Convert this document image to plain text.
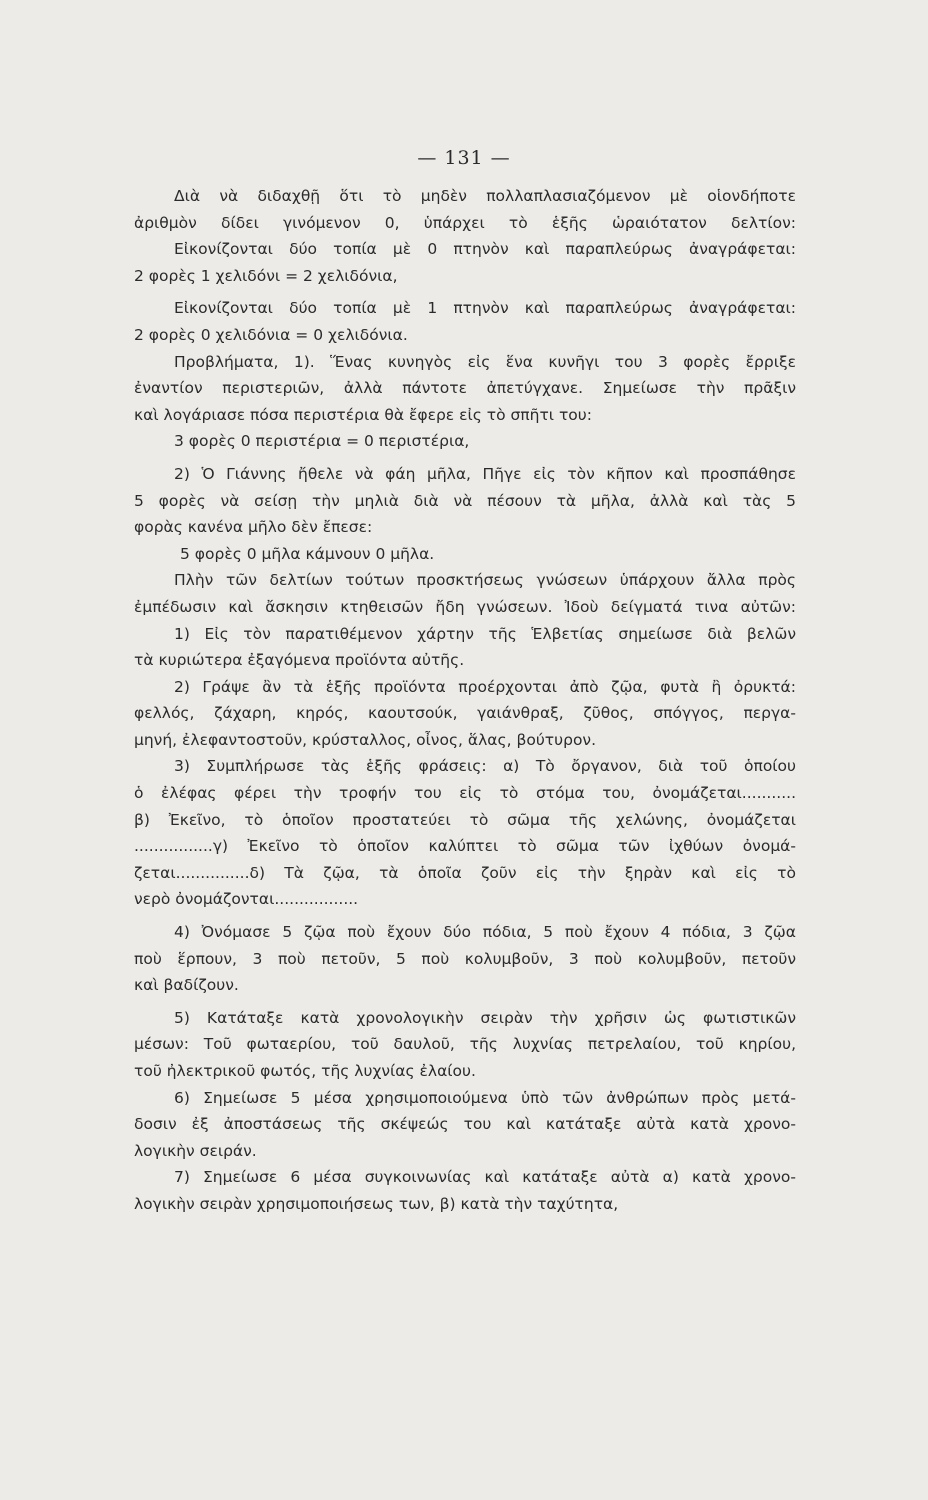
— 131 —
Διὰ νὰ διδαχθῇ ὅτι τὸ μηδὲν πολλαπλασιαζόμενον μὲ οἱονδήποτε
ἀριθμὸν δίδει γινόμενον 0, ὑπάρχει τὸ ἑξῆς ὡραιότατον δελτίον:
Εἰκονίζονται δύο τοπία μὲ 0 πτηνὸν καὶ παραπλεύρως ἀναγράφεται:
2 φορὲς 1 χελιδόνι = 2 χελιδόνια,
Εἰκονίζονται δύο τοπία μὲ 1 πτηνὸν καὶ παραπλεύρως ἀναγράφεται:
2 φορὲς 0 χελιδόνια = 0 χελιδόνια.
Προβλήματα, 1). Ἕνας κυνηγὸς εἰς ἕνα κυνῆγι του 3 φορὲς ἔρριξε
ἐναντίον περιστεριῶν, ἀλλὰ πάντοτε ἀπετύγχανε. Σημείωσε τὴν πρᾶξιν
καὶ λογάριασε πόσα περιστέρια θὰ ἔφερε εἰς τὸ σπῆτι του:
3 φορὲς 0 περιστέρια = 0 περιστέρια,
2) Ὁ Γιάννης ἤθελε νὰ φάη μῆλα, Πῆγε εἰς τὸν κῆπον καὶ προσπάθησε
5 φορὲς νὰ σείσῃ τὴν μηλιὰ διὰ νὰ πέσουν τὰ μῆλα, ἀλλὰ καὶ τὰς 5
φορὰς κανένα μῆλο δὲν ἔπεσε:
5 φορὲς 0 μῆλα κάμνουν 0 μῆλα.
Πλὴν τῶν δελτίων τούτων προσκτήσεως γνώσεων ὑπάρχουν ἄλλα πρὸς
ἐμπέδωσιν καὶ ἄσκησιν κτηθεισῶν ἤδη γνώσεων. Ἰδοὺ δείγματά τινα αὐτῶν:
1) Εἰς τὸν παρατιθέμενον χάρτην τῆς Ἑλβετίας σημείωσε διὰ βελῶν
τὰ κυριώτερα ἐξαγόμενα προϊόντα αὐτῆς.
2) Γράψε ἂν τὰ ἑξῆς προϊόντα προέρχονται ἀπὸ ζῷα, φυτὰ ἢ ὀρυκτά:
φελλός, ζάχαρη, κηρός, καουτσούκ, γαιάνθραξ, ζῦθος, σπόγγος, περγα-
μηνή, ἐλεφαντοστοῦν, κρύσταλλος, οἶνος, ἅλας, βούτυρον.
3) Συμπλήρωσε τὰς ἑξῆς φράσεις: α) Τὸ ὄργανον, διὰ τοῦ ὁποίου
ὁ ἐλέφας φέρει τὴν τροφήν του εἰς τὸ στόμα του, ὀνομάζεται...........
β) Ἐκεῖνο, τὸ ὁποῖον προστατεύει τὸ σῶμα τῆς χελώνης, ὀνομάζεται
................γ) Ἐκεῖνο τὸ ὁποῖον καλύπτει τὸ σῶμα τῶν ἰχθύων ὀνομά-
ζεται...............δ) Τὰ ζῷα, τὰ ὁποῖα ζοῦν εἰς τὴν ξηρὰν καὶ εἰς τὸ
νερὸ ὀνομάζονται.................
4) Ὀνόμασε 5 ζῷα ποὺ ἔχουν δύο πόδια, 5 ποὺ ἔχουν 4 πόδια, 3 ζῷα
ποὺ ἕρπουν, 3 ποὺ πετοῦν, 5 ποὺ κολυμβοῦν, 3 ποὺ κολυμβοῦν, πετοῦν
καὶ βαδίζουν.
5) Κατάταξε κατὰ χρονολογικὴν σειρὰν τὴν χρῆσιν ὡς φωτιστικῶν
μέσων: Τοῦ φωταερίου, τοῦ δαυλοῦ, τῆς λυχνίας πετρελαίου, τοῦ κηρίου,
τοῦ ἠλεκτρικοῦ φωτός, τῆς λυχνίας ἐλαίου.
6) Σημείωσε 5 μέσα χρησιμοποιούμενα ὑπὸ τῶν ἀνθρώπων πρὸς μετά-
δοσιν ἐξ ἀποστάσεως τῆς σκέψεώς του καὶ κατάταξε αὐτὰ κατὰ χρονο-
λογικὴν σειράν.
7) Σημείωσε 6 μέσα συγκοινωνίας καὶ κατάταξε αὐτὰ α) κατὰ χρονο-
λογικὴν σειρὰν χρησιμοποιήσεως των, β) κατὰ τὴν ταχύτητα,
